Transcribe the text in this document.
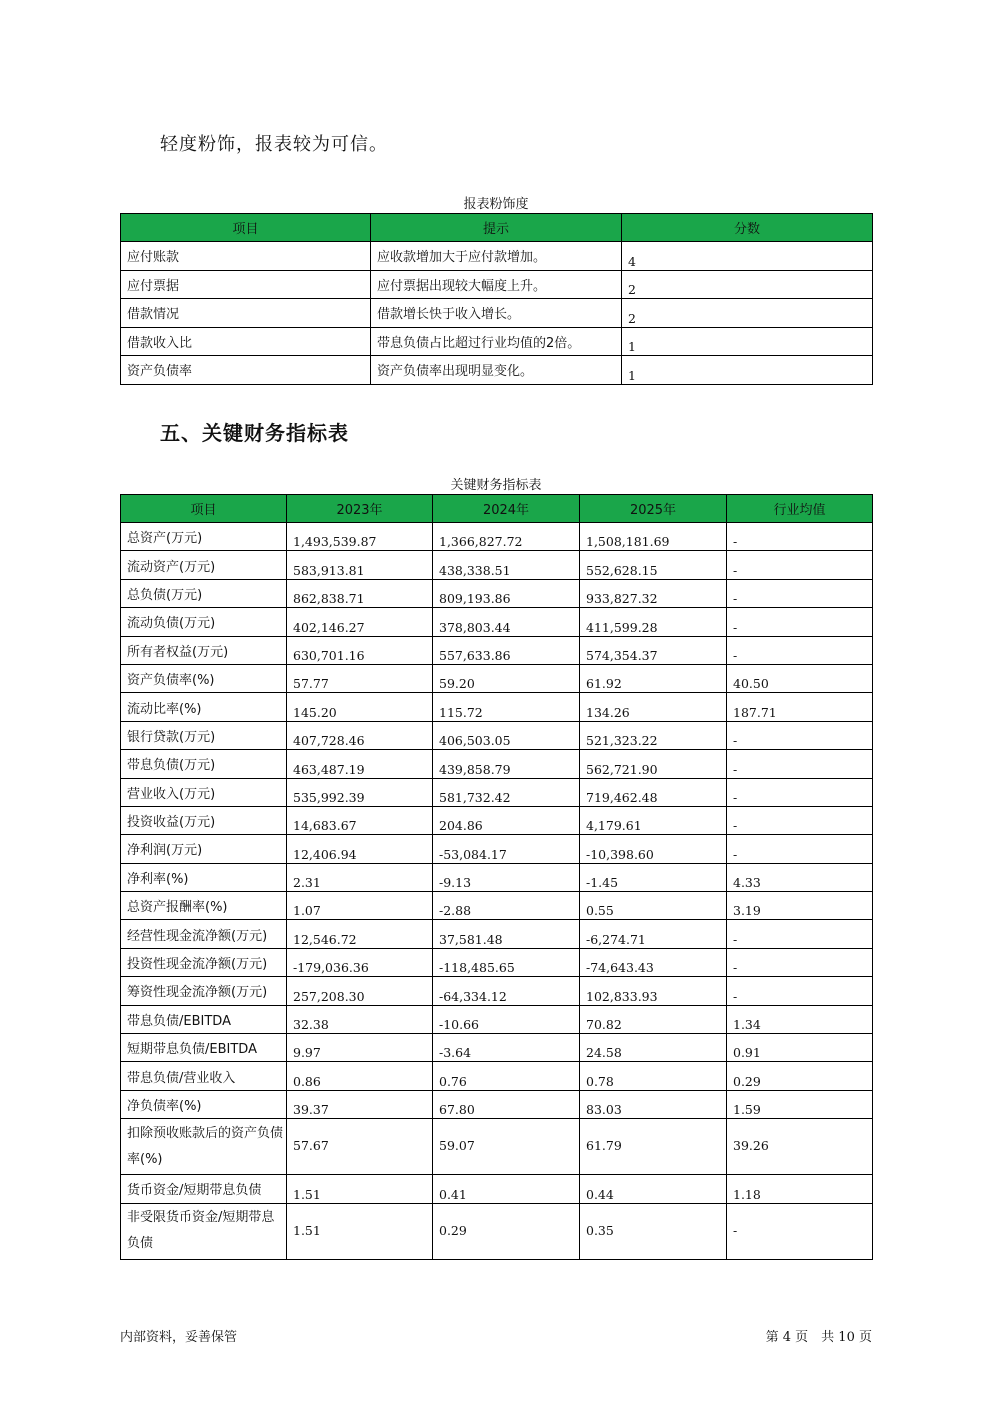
轻度粉饰，报表较为可信。
报表粉饰度
项目	提示	分数
应付账款	应收款增加大于应付款增加。	4
应付票据	应付票据出现较大幅度上升。	2
借款情况	借款增长快于收入增长。	2
借款收入比	带息负债占比超过行业均值的2倍。	1
资产负债率	资产负债率出现明显变化。	1
五、关键财务指标表
关键财务指标表
项目	2023年	2024年	2025年	行业均值
总资产(万元)	1,493,539.87	1,366,827.72	1,508,181.69	-
流动资产(万元)	583,913.81	438,338.51	552,628.15	-
总负债(万元)	862,838.71	809,193.86	933,827.32	-
流动负债(万元)	402,146.27	378,803.44	411,599.28	-
所有者权益(万元)	630,701.16	557,633.86	574,354.37	-
资产负债率(%)	57.77	59.20	61.92	40.50
流动比率(%)	145.20	115.72	134.26	187.71
银行贷款(万元)	407,728.46	406,503.05	521,323.22	-
带息负债(万元)	463,487.19	439,858.79	562,721.90	-
营业收入(万元)	535,992.39	581,732.42	719,462.48	-
投资收益(万元)	14,683.67	204.86	4,179.61	-
净利润(万元)	12,406.94	-53,084.17	-10,398.60	-
净利率(%)	2.31	-9.13	-1.45	4.33
总资产报酬率(%)	1.07	-2.88	0.55	3.19
经营性现金流净额(万元)	12,546.72	37,581.48	-6,274.71	-
投资性现金流净额(万元)	-179,036.36	-118,485.65	-74,643.43	-
筹资性现金流净额(万元)	257,208.30	-64,334.12	102,833.93	-
带息负债/EBITDA	32.38	-10.66	70.82	1.34
短期带息负债/EBITDA	9.97	-3.64	24.58	0.91
带息负债/营业收入	0.86	0.76	0.78	0.29
净负债率(%)	39.37	67.80	83.03	1.59
扣除预收账款后的资产负债率(%)	57.67	59.07	61.79	39.26
货币资金/短期带息负债	1.51	0.41	0.44	1.18
非受限货币资金/短期带息负债	1.51	0.29	0.35	-
内部资料，妥善保管	第 4 页　共 10 页
